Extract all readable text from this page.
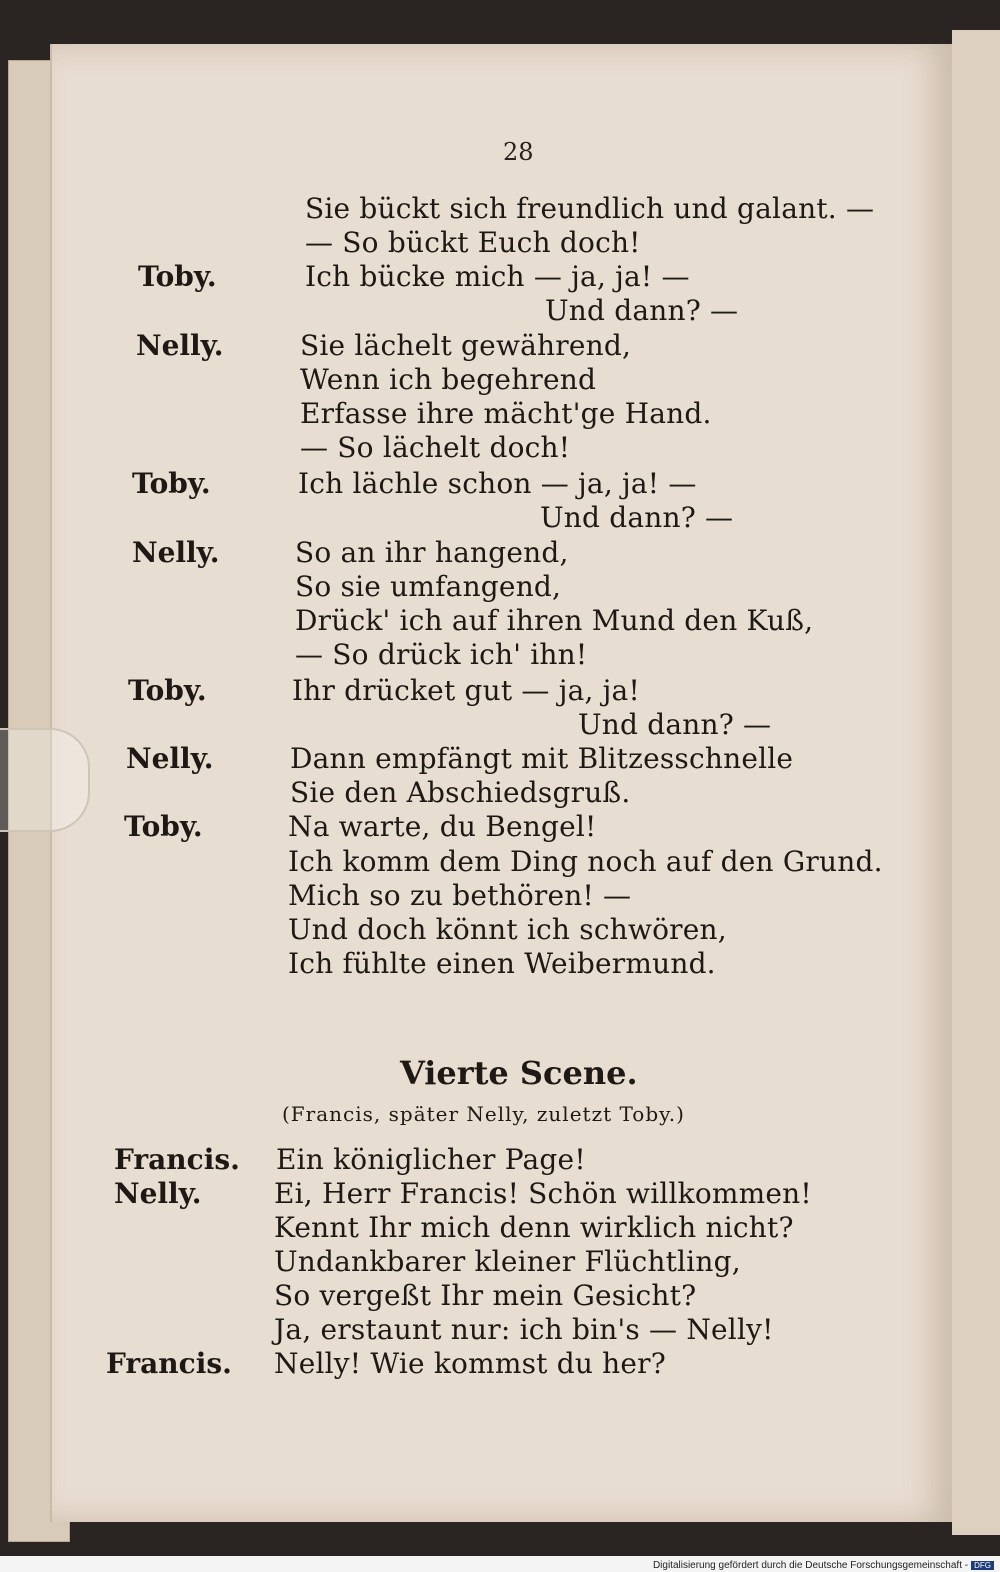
28
Sie bückt sich freundlich und galant. —
— So bückt Euch doch!
Ich bücke mich — ja, ja! —
Und dann? —
Sie lächelt gewährend,
Wenn ich begehrend
Erfasse ihre mächt'ge Hand.
— So lächelt doch!
Ich lächle schon — ja, ja! —
Und dann? —
So an ihr hangend,
So sie umfangend,
Drück' ich auf ihren Mund den Kuß,
— So drück ich' ihn!
Ihr drücket gut — ja, ja!
Und dann? —
Dann empfängt mit Blitzesschnelle
Sie den Abschiedsgruß.
Na warte, du Bengel!
Ich komm dem Ding noch auf den Grund.
Mich so zu bethören! —
Und doch könnt ich schwören,
Ich fühlte einen Weibermund.
Vierte Scene.
(Francis, später Nelly, zuletzt Toby.)
Ein königlicher Page!
Ei, Herr Francis! Schön willkommen!
Kennt Ihr mich denn wirklich nicht?
Undankbarer kleiner Flüchtling,
So vergeßt Ihr mein Gesicht?
Ja, erstaunt nur: ich bin's — Nelly!
Nelly! Wie kommst du her?
Toby.
Nelly.
Toby.
Nelly.
Toby.
Nelly.
Toby.
Francis.
Nelly.
Francis.
Digitalisierung gefördert durch die Deutsche Forschungsgemeinschaft - DFG
